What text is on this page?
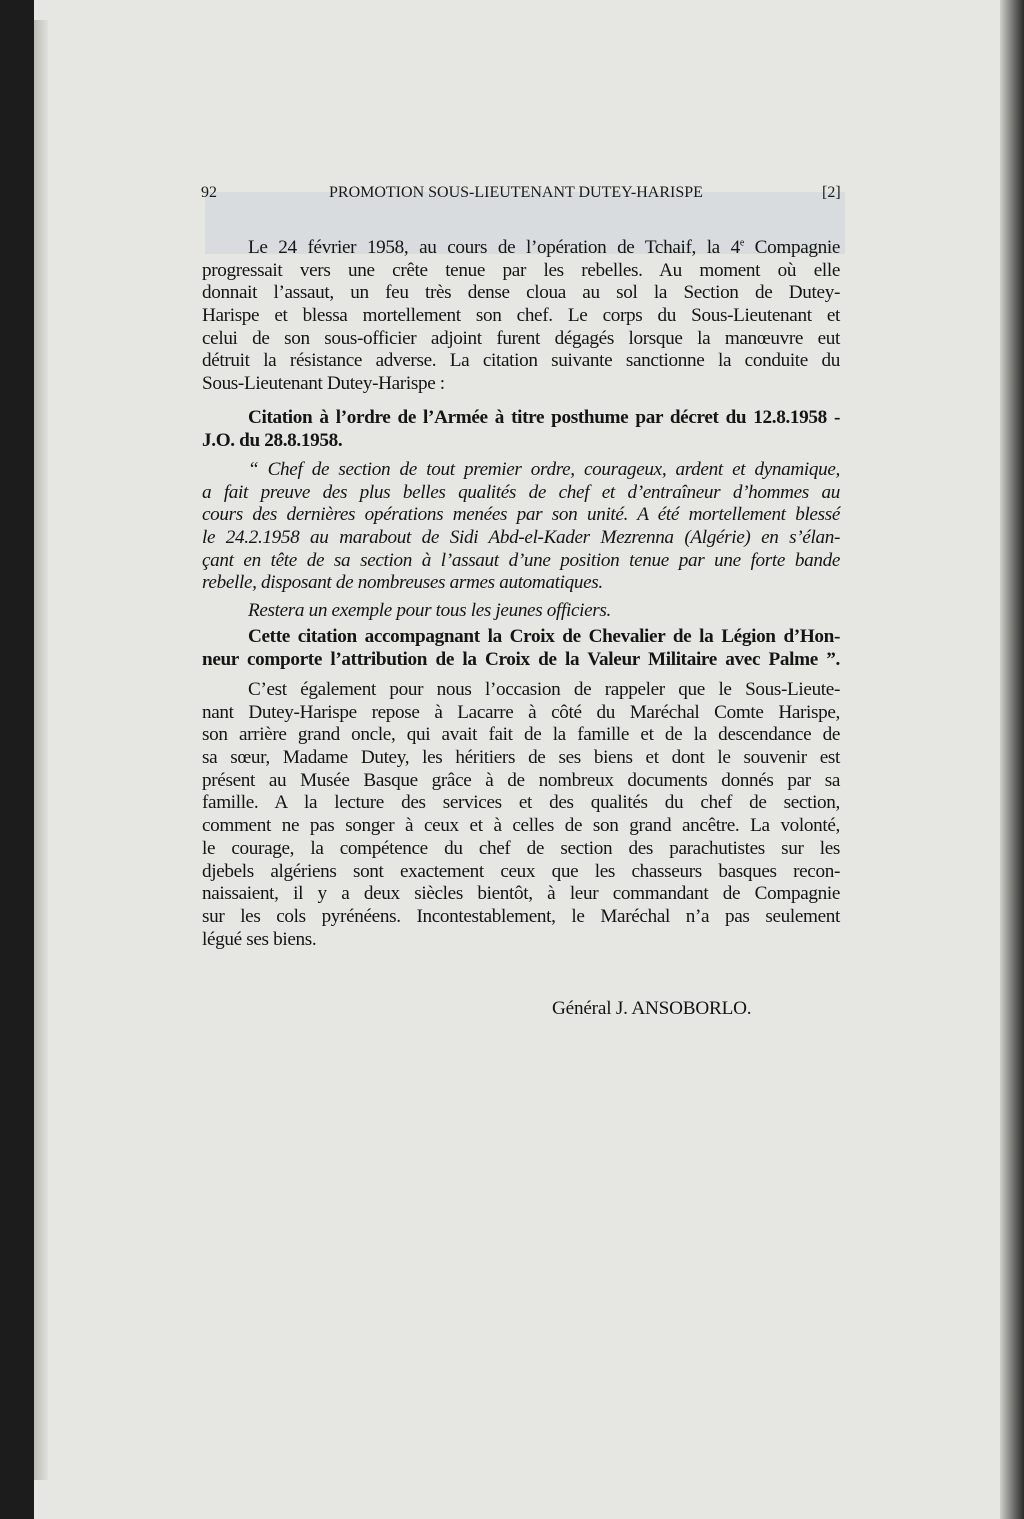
92	PROMOTION SOUS-LIEUTENANT DUTEY-HARISPE	[2]
Le 24 février 1958, au cours de l’opération de Tchaif, la 4e Compagnie
progressait vers une crête tenue par les rebelles. Au moment où elle
donnait l’assaut, un feu très dense cloua au sol la Section de Dutey-
Harispe et blessa mortellement son chef. Le corps du Sous-Lieutenant et
celui de son sous-officier adjoint furent dégagés lorsque la manœuvre eut
détruit la résistance adverse. La citation suivante sanctionne la conduite du
Sous-Lieutenant Dutey-Harispe :
Citation à l’ordre de l’Armée à titre posthume par décret du 12.8.1958 -
J.O. du 28.8.1958.
“ Chef de section de tout premier ordre, courageux, ardent et dynamique,
a fait preuve des plus belles qualités de chef et d’entraîneur d’hommes au
cours des dernières opérations menées par son unité. A été mortellement blessé
le 24.2.1958 au marabout de Sidi Abd-el-Kader Mezrenna (Algérie) en s’élan-
çant en tête de sa section à l’assaut d’une position tenue par une forte bande
rebelle, disposant de nombreuses armes automatiques.
Restera un exemple pour tous les jeunes officiers.
Cette citation accompagnant la Croix de Chevalier de la Légion d’Hon-
neur comporte l’attribution de la Croix de la Valeur Militaire avec Palme ”.
C’est également pour nous l’occasion de rappeler que le Sous-Lieute-
nant Dutey-Harispe repose à Lacarre à côté du Maréchal Comte Harispe,
son arrière grand oncle, qui avait fait de la famille et de la descendance de
sa sœur, Madame Dutey, les héritiers de ses biens et dont le souvenir est
présent au Musée Basque grâce à de nombreux documents donnés par sa
famille. A la lecture des services et des qualités du chef de section,
comment ne pas songer à ceux et à celles de son grand ancêtre. La volonté,
le courage, la compétence du chef de section des parachutistes sur les
djebels algériens sont exactement ceux que les chasseurs basques recon-
naissaient, il y a deux siècles bientôt, à leur commandant de Compagnie
sur les cols pyrénéens. Incontestablement, le Maréchal n’a pas seulement
légué ses biens.
Général J. ANSOBORLO.
